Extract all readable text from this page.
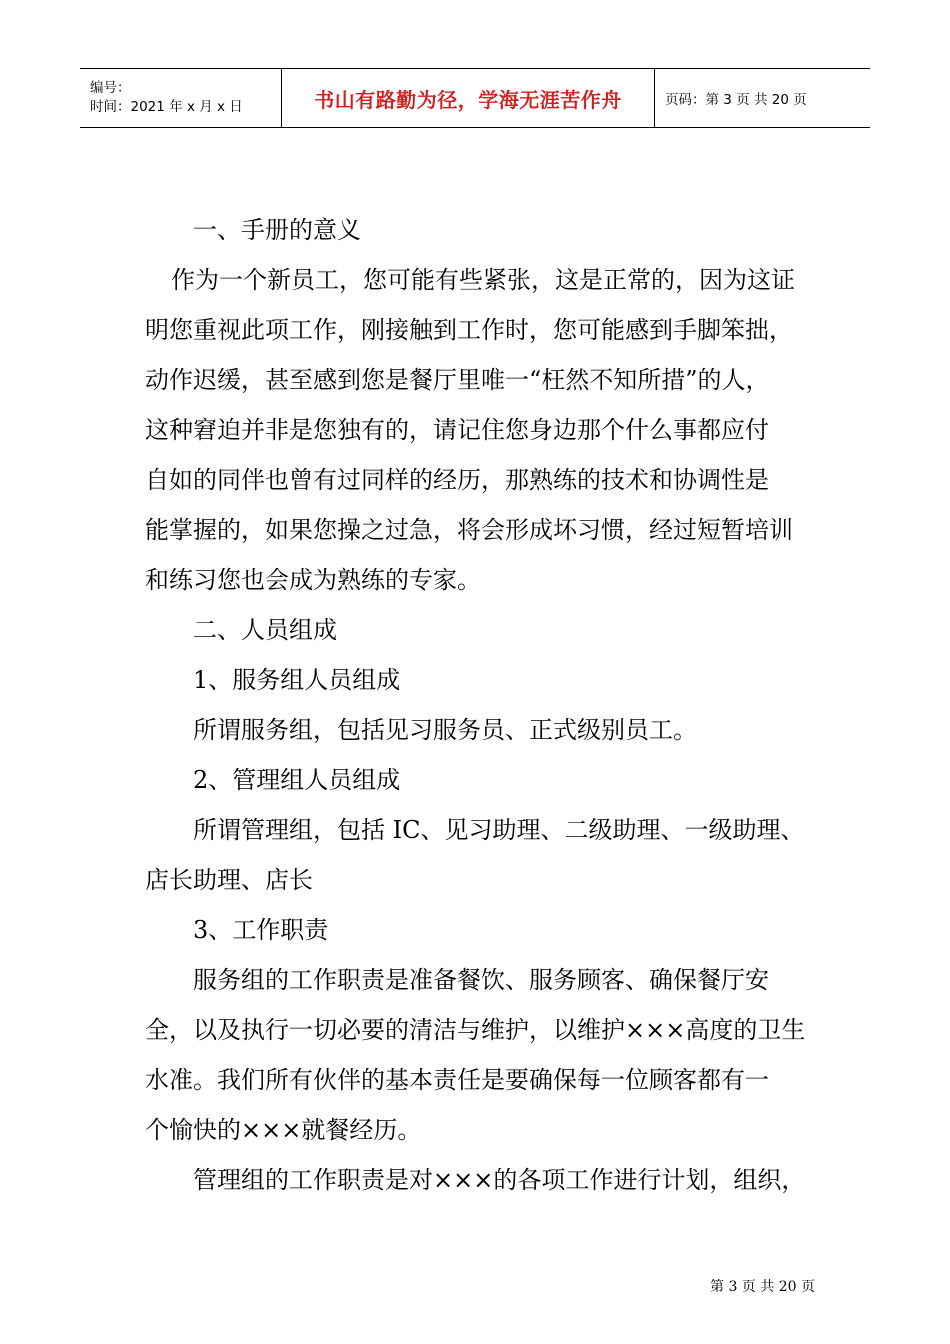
编号：
时间：2021 年 x 月 x 日	书山有路勤为径，学海无涯苦作舟	页码：第 3 页 共 20 页

一、手册的意义

作为一个新员工，您可能有些紧张，这是正常的，因为这证

明您重视此项工作，刚接触到工作时，您可能感到手脚笨拙，

动作迟缓，甚至感到您是餐厅里唯一“枉然不知所措”的人，

这种窘迫并非是您独有的，请记住您身边那个什么事都应付

自如的同伴也曾有过同样的经历，那熟练的技术和协调性是

能掌握的，如果您操之过急，将会形成坏习惯，经过短暂培训

和练习您也会成为熟练的专家。

二、人员组成

1、服务组人员组成

所谓服务组，包括见习服务员、正式级别员工。

2、管理组人员组成

所谓管理组，包括 IC、见习助理、二级助理、一级助理、

店长助理、店长

3、工作职责

服务组的工作职责是准备餐饮、服务顾客、确保餐厅安

全，以及执行一切必要的清洁与维护，以维护×××高度的卫生

水准。我们所有伙伴的基本责任是要确保每一位顾客都有一

个愉快的×××就餐经历。

管理组的工作职责是对×××的各项工作进行计划，组织，

第 3 页 共 20 页
